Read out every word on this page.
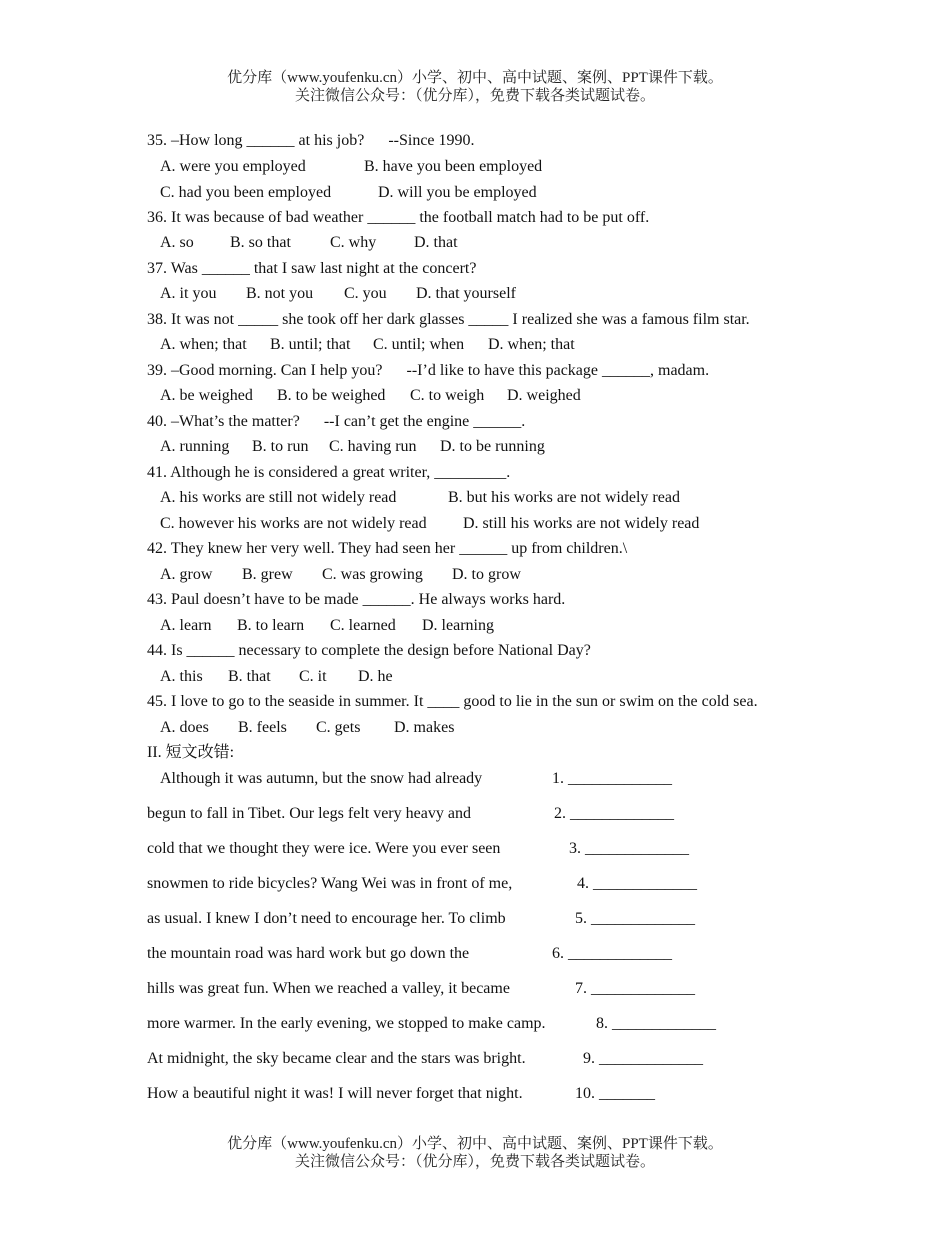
优分库（www.youfenku.cn）小学、初中、高中试题、案例、PPT课件下载。
关注微信公众号：（优分库），免费下载各类试题试卷。
35. –How long ______ at his job?      --Since 1990.
A. were you employed	B. have you been employed
C. had you been employed	D. will you be employed
36. It was because of bad weather ______ the football match had to be put off.
A. so B. so that C. why D. that
37. Was ______ that I saw last night at the concert?
A. it you B. not you C. you D. that yourself
38. It was not _____ she took off her dark glasses _____ I realized she was a famous film star.
A. when; that B. until; that C. until; when D. when; that
39. –Good morning. Can I help you?      --I’d like to have this package ______, madam.
A. be weighed B. to be weighed C. to weigh D. weighed
40. –What’s the matter?      --I can’t get the engine ______.
A. running B. to run C. having run D. to be running
41. Although he is considered a great writer, _________.
A. his works are still not widely read	B. but his works are not widely read
C. however his works are not widely read D. still his works are not widely read
42. They knew her very well. They had seen her ______ up from children.\
A. grow B. grew C. was growing D. to grow
43. Paul doesn’t have to be made ______. He always works hard.
A. learn B. to learn C. learned D. learning
44. Is ______ necessary to complete the design before National Day?
A. this B. that C. it D. he
45. I love to go to the seaside in summer. It ____ good to lie in the sun or swim on the cold sea.
A. does B. feels C. gets D. makes
II. 短文改错:
Although it was autumn, but the snow had already	1. _____________
begun to fall in Tibet. Our legs felt very heavy and	2. _____________
cold that we thought they were ice. Were you ever seen	3. _____________
snowmen to ride bicycles? Wang Wei was in front of me,	4. _____________
as usual. I knew I don’t need to encourage her. To climb	5. _____________
the mountain road was hard work but go down the	6. _____________
hills was great fun. When we reached a valley, it became	7. _____________
more warmer. In the early evening, we stopped to make camp.	8. _____________
At midnight, the sky became clear and the stars was bright.	9. _____________
How a beautiful night it was! I will never forget that night.	10. _______
优分库（www.youfenku.cn）小学、初中、高中试题、案例、PPT课件下载。
关注微信公众号：（优分库），免费下载各类试题试卷。
